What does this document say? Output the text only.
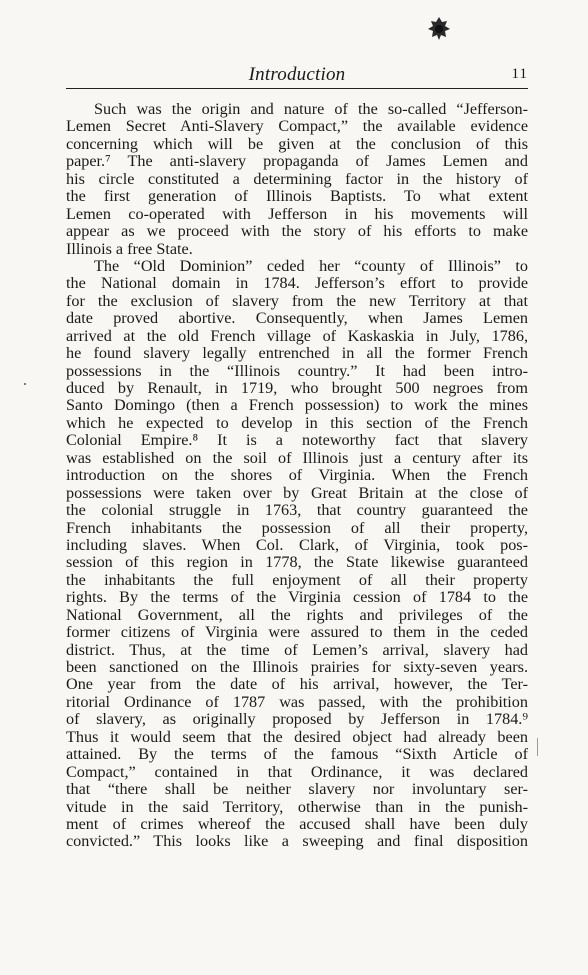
Introduction	11
Such was the origin and nature of the so-called “Jefferson-
Lemen Secret Anti-Slavery Compact,” the available evidence
concerning which will be given at the conclusion of this
paper.⁷ The anti-slavery propaganda of James Lemen and
his circle constituted a determining factor in the history of
the first generation of Illinois Baptists. To what extent
Lemen co-operated with Jefferson in his movements will
appear as we proceed with the story of his efforts to make
Illinois a free State.
The “Old Dominion” ceded her “county of Illinois” to
the National domain in 1784. Jefferson’s effort to provide
for the exclusion of slavery from the new Territory at that
date proved abortive. Consequently, when James Lemen
arrived at the old French village of Kaskaskia in July, 1786,
he found slavery legally entrenched in all the former French
possessions in the “Illinois country.” It had been intro-
duced by Renault, in 1719, who brought 500 negroes from
Santo Domingo (then a French possession) to work the mines
which he expected to develop in this section of the French
Colonial Empire.⁸ It is a noteworthy fact that slavery
was established on the soil of Illinois just a century after its
introduction on the shores of Virginia. When the French
possessions were taken over by Great Britain at the close of
the colonial struggle in 1763, that country guaranteed the
French inhabitants the possession of all their property,
including slaves. When Col. Clark, of Virginia, took pos-
session of this region in 1778, the State likewise guaranteed
the inhabitants the full enjoyment of all their property
rights. By the terms of the Virginia cession of 1784 to the
National Government, all the rights and privileges of the
former citizens of Virginia were assured to them in the ceded
district. Thus, at the time of Lemen’s arrival, slavery had
been sanctioned on the Illinois prairies for sixty-seven years.
One year from the date of his arrival, however, the Ter-
ritorial Ordinance of 1787 was passed, with the prohibition
of slavery, as originally proposed by Jefferson in 1784.⁹
Thus it would seem that the desired object had already been
attained. By the terms of the famous “Sixth Article of
Compact,” contained in that Ordinance, it was declared
that “there shall be neither slavery nor involuntary ser-
vitude in the said Territory, otherwise than in the punish-
ment of crimes whereof the accused shall have been duly
convicted.” This looks like a sweeping and final disposition
